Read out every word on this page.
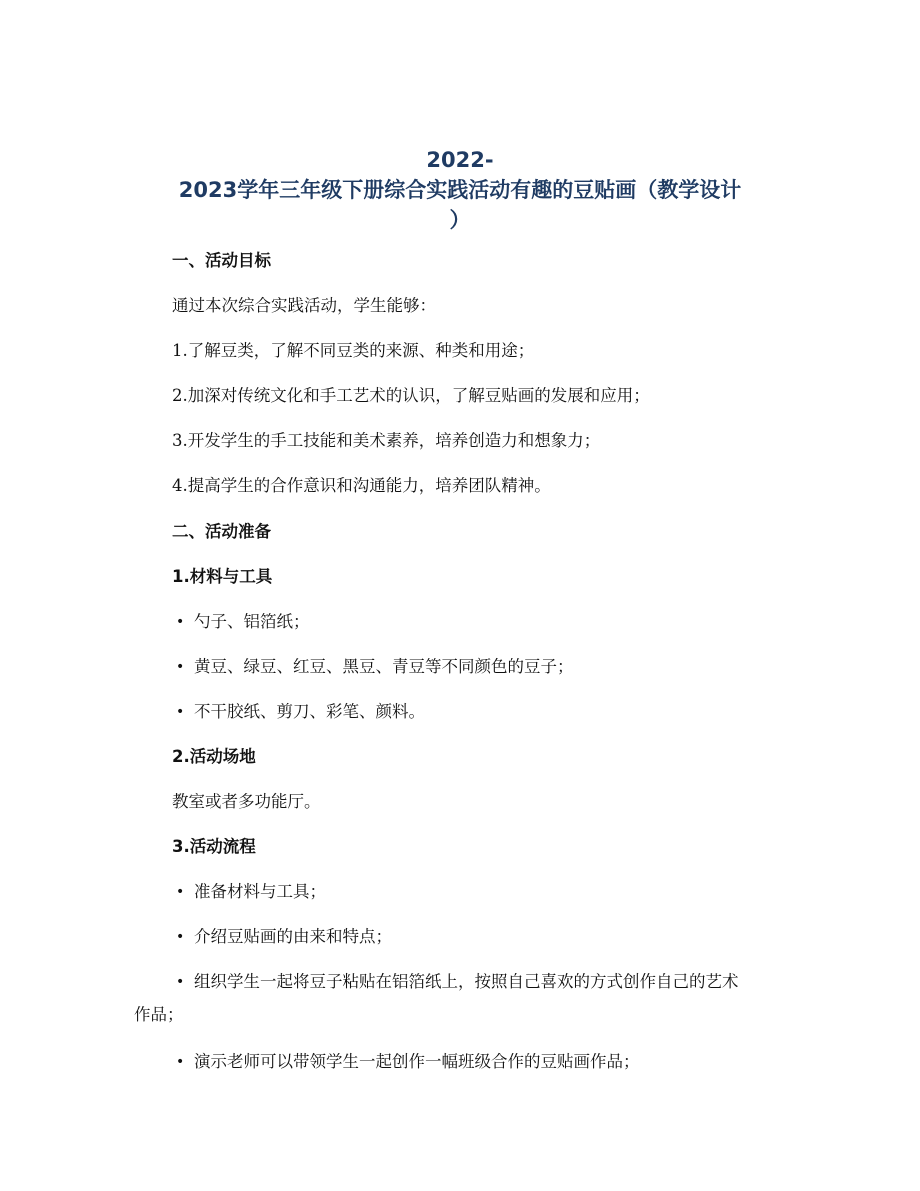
2022-
2023学年三年级下册综合实践活动有趣的豆贴画（教学设计
）
一、活动目标
通过本次综合实践活动，学生能够：
1.了解豆类，了解不同豆类的来源、种类和用途；
2.加深对传统文化和手工艺术的认识，了解豆贴画的发展和应用；
3.开发学生的手工技能和美术素养，培养创造力和想象力；
4.提高学生的合作意识和沟通能力，培养团队精神。
二、活动准备
1.材料与工具
• 勺子、铝箔纸；
• 黄豆、绿豆、红豆、黑豆、青豆等不同颜色的豆子；
• 不干胶纸、剪刀、彩笔、颜料。
2.活动场地
教室或者多功能厅。
3.活动流程
• 准备材料与工具；
• 介绍豆贴画的由来和特点；
• 组织学生一起将豆子粘贴在铝箔纸上，按照自己喜欢的方式创作自己的艺术
作品；
• 演示老师可以带领学生一起创作一幅班级合作的豆贴画作品；
